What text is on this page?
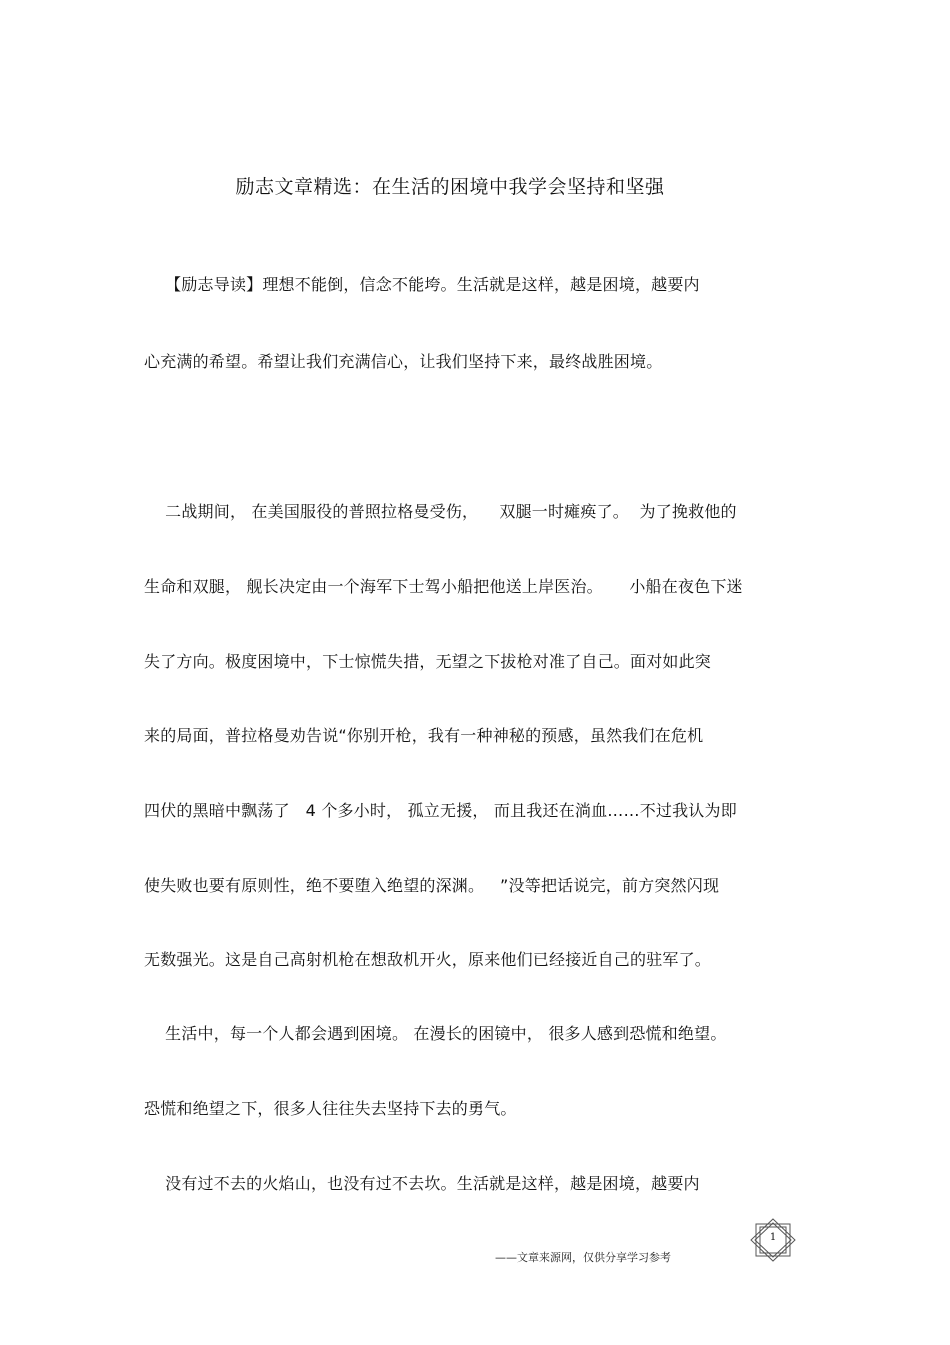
励志文章精选：在生活的困境中我学会坚持和坚强
【励志导读】理想不能倒，信念不能垮。生活就是这样，越是困境，越要内
心充满的希望。希望让我们充满信心，让我们坚持下来，最终战胜困境。
二战期间， 在美国服役的普照拉格曼受伤，    双腿一时瘫痪了。  为了挽救他的
生命和双腿， 舰长决定由一个海军下士驾小船把他送上岸医治。     小船在夜色下迷
失了方向。极度困境中，下士惊慌失措，无望之下拔枪对准了自己。面对如此突
来的局面，普拉格曼劝告说“你别开枪，我有一种神秘的预感，虽然我们在危机
四伏的黑暗中飘荡了   4 个多小时， 孤立无援， 而且我还在淌血……不过我认为即
使失败也要有原则性，绝不要堕入绝望的深渊。   ”没等把话说完，前方突然闪现
无数强光。这是自己高射机枪在想敌机开火，原来他们已经接近自己的驻军了。
生活中，每一个人都会遇到困境。 在漫长的困镜中， 很多人感到恐慌和绝望。
恐慌和绝望之下，很多人往往失去坚持下去的勇气。
没有过不去的火焰山，也没有过不去坎。生活就是这样，越是困境，越要内
——文章来源网，仅供分享学习参考
1
